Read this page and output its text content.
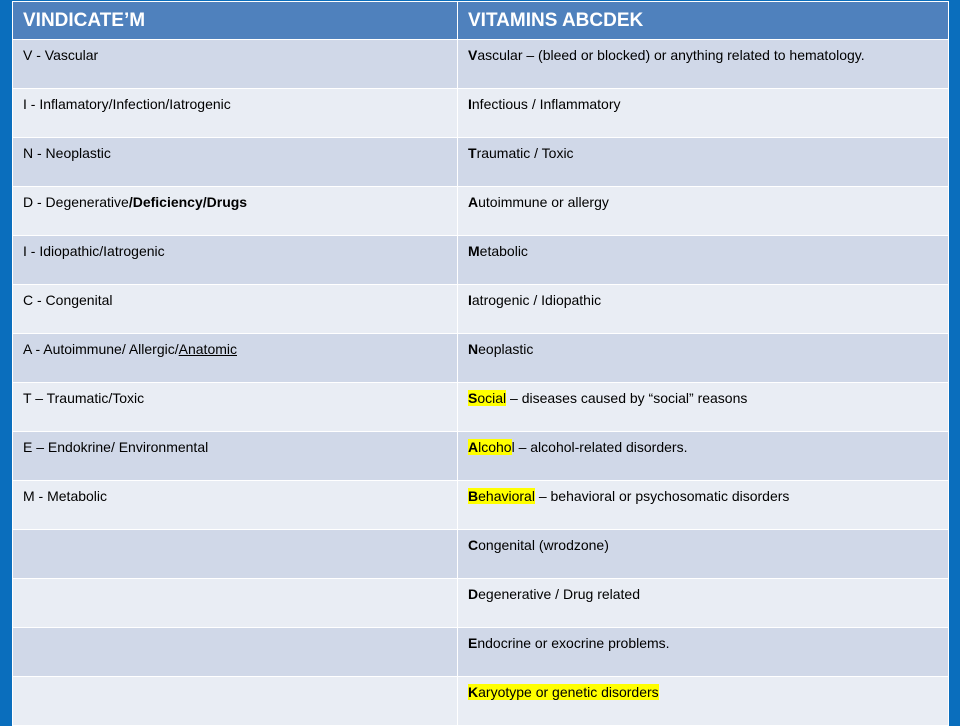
VINDICATE’M	VITAMINS ABCDEK
V - Vascular	Vascular – (bleed or blocked) or anything related to hematology.
I - Inflamatory/Infection/Iatrogenic	Infectious / Inflammatory
N - Neoplastic	Traumatic / Toxic
D - Degenerative/Deficiency/Drugs	Autoimmune or allergy
I - Idiopathic/Iatrogenic	Metabolic
C - Congenital	Iatrogenic / Idiopathic
A - Autoimmune/ Allergic/Anatomic	Neoplastic
T – Traumatic/Toxic	Social – diseases caused by “social” reasons
E – Endokrine/ Environmental	Alcohol – alcohol-related disorders.
M - Metabolic	Behavioral – behavioral or psychosomatic disorders
	Congenital (wrodzone)
	Degenerative / Drug related
	Endocrine or exocrine problems.
	Karyotype or genetic disorders
